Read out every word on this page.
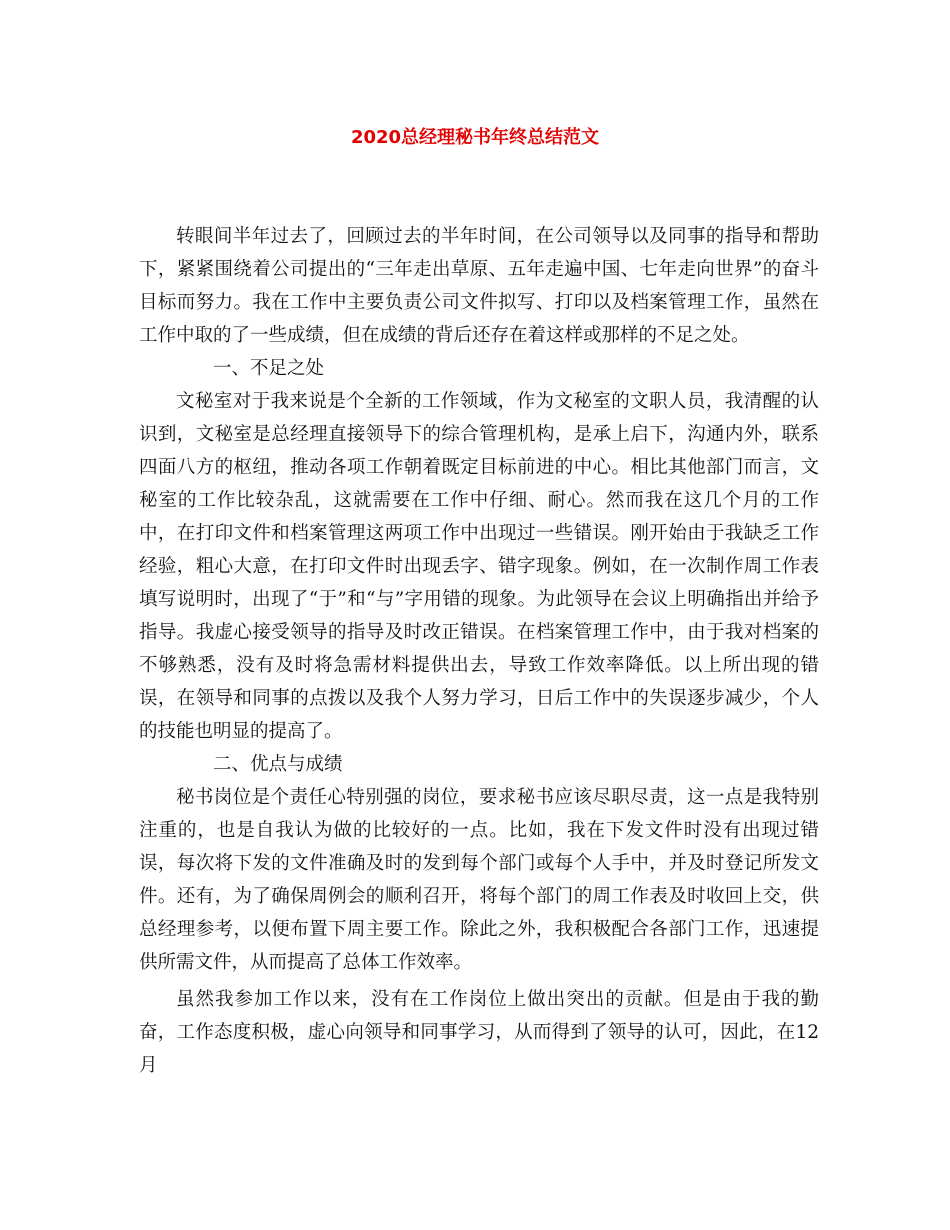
2020总经理秘书年终总结范文

转眼间半年过去了，回顾过去的半年时间，在公司领导以及同事的指导和帮助下，紧紧围绕着公司提出的“三年走出草原、五年走遍中国、七年走向世界”的奋斗目标而努力。我在工作中主要负责公司文件拟写、打印以及档案管理工作，虽然在工作中取的了一些成绩，但在成绩的背后还存在着这样或那样的不足之处。

一、不足之处

文秘室对于我来说是个全新的工作领域，作为文秘室的文职人员，我清醒的认识到，文秘室是总经理直接领导下的综合管理机构，是承上启下，沟通内外，联系四面八方的枢纽，推动各项工作朝着既定目标前进的中心。相比其他部门而言，文秘室的工作比较杂乱，这就需要在工作中仔细、耐心。然而我在这几个月的工作中，在打印文件和档案管理这两项工作中出现过一些错误。刚开始由于我缺乏工作经验，粗心大意，在打印文件时出现丢字、错字现象。例如，在一次制作周工作表填写说明时，出现了“于”和“与”字用错的现象。为此领导在会议上明确指出并给予指导。我虚心接受领导的指导及时改正错误。在档案管理工作中，由于我对档案的不够熟悉，没有及时将急需材料提供出去，导致工作效率降低。以上所出现的错误，在领导和同事的点拨以及我个人努力学习，日后工作中的失误逐步减少，个人的技能也明显的提高了。

二、优点与成绩

秘书岗位是个责任心特别强的岗位，要求秘书应该尽职尽责，这一点是我特别注重的，也是自我认为做的比较好的一点。比如，我在下发文件时没有出现过错误，每次将下发的文件准确及时的发到每个部门或每个人手中，并及时登记所发文件。还有，为了确保周例会的顺利召开，将每个部门的周工作表及时收回上交，供总经理参考，以便布置下周主要工作。除此之外，我积极配合各部门工作，迅速提供所需文件，从而提高了总体工作效率。

虽然我参加工作以来，没有在工作岗位上做出突出的贡献。但是由于我的勤奋，工作态度积极，虚心向领导和同事学习，从而得到了领导的认可，因此，在12月
